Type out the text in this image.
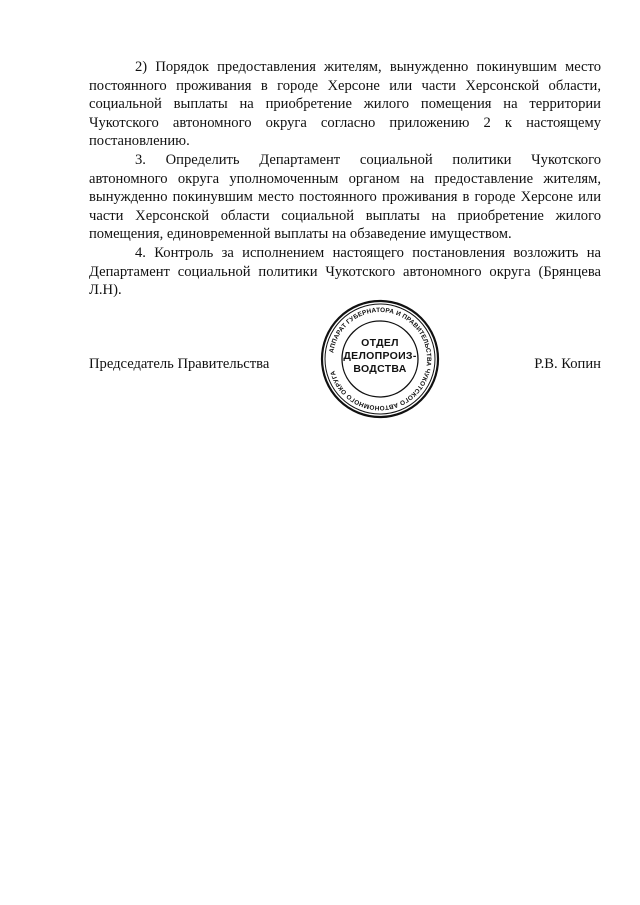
2) Порядок предоставления жителям, вынужденно покинувшим место постоянного проживания в городе Херсоне или части Херсонской области, социальной выплаты на приобретение жилого помещения на территории Чукотского автономного округа согласно приложению 2 к настоящему постановлению.

3. Определить Департамент социальной политики Чукотского автономного округа уполномоченным органом на предоставление жителям, вынужденно покинувшим место постоянного проживания в городе Херсоне или части Херсонской области социальной выплаты на приобретение жилого помещения, единовременной выплаты на обзаведение имуществом.

4. Контроль за исполнением настоящего постановления возложить на Департамент социальной политики Чукотского автономного округа (Брянцева Л.Н).

Председатель Правительства	Р.В. Копин
АППАРАТ ГУБЕРНАТОРА И ПРАВИТЕЛЬСТВА ЧУКОТСКОГО АВТОНОМНОГО ОКРУГА
ОТДЕЛ
ДЕЛОПРОИЗ-
ВОДСТВА
